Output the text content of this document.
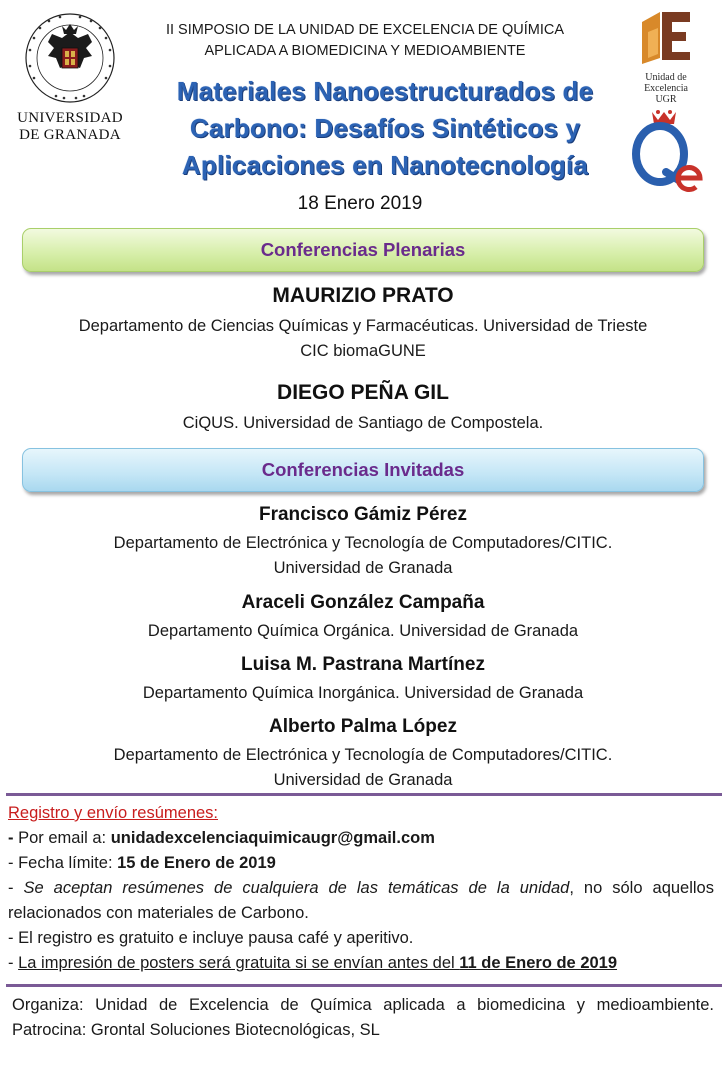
UNIVERSIDAD
DE GRANADA
II SIMPOSIO DE LA UNIDAD DE EXCELENCIA DE QUÍMICA
APLICADA A BIOMEDICINA Y MEDIOAMBIENTE
Materiales Nanoestructurados de
Carbono: Desafíos Sintéticos y
Aplicaciones en Nanotecnología
18 Enero 2019
Unidad de
Excelencia
UGR
Conferencias Plenarias
MAURIZIO PRATO
Departamento de Ciencias Químicas y Farmacéuticas. Universidad de Trieste
CIC biomaGUNE
DIEGO PEÑA GIL
CiQUS. Universidad de Santiago de Compostela.
Conferencias Invitadas
Francisco Gámiz Pérez
Departamento de Electrónica y Tecnología de Computadores/CITIC.
Universidad de Granada
Araceli González Campaña
Departamento Química Orgánica. Universidad de Granada
Luisa M. Pastrana Martínez
Departamento Química Inorgánica. Universidad de Granada
Alberto Palma López
Departamento de Electrónica y Tecnología de Computadores/CITIC.
Universidad de Granada

Registro y envío resúmenes:

- Por email a: unidadexcelenciaquimicaugr@gmail.com

- Fecha límite: 15 de Enero de 2019

- Se aceptan resúmenes de cualquiera de las temáticas de la unidad, no sólo aquellos relacionados con materiales de Carbono.

- El registro es gratuito e incluye pausa café y aperitivo.

- La impresión de posters será gratuita si se envían antes del 11 de Enero de 2019

Organiza: Unidad de Excelencia de Química aplicada a biomedicina y medioambiente. Patrocina: Grontal Soluciones Biotecnológicas, SL
